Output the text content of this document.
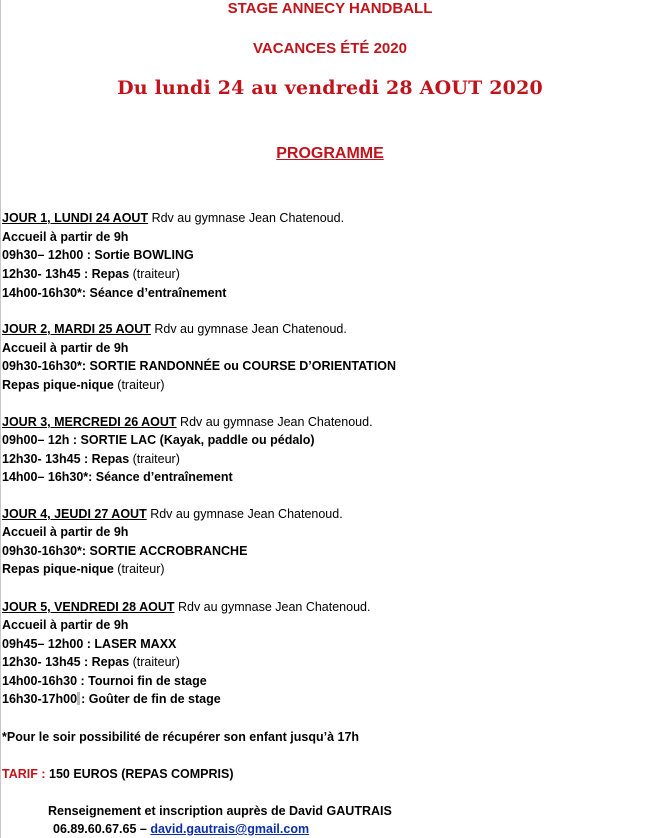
STAGE ANNECY HANDBALL
VACANCES ÉTÉ 2020
Du lundi 24 au vendredi 28 AOUT 2020
PROGRAMME
JOUR 1, LUNDI 24 AOUT Rdv au gymnase Jean Chatenoud.
Accueil à partir de 9h
09h30– 12h00 : Sortie BOWLING
12h30- 13h45 : Repas (traiteur)
14h00-16h30*: Séance d’entraînement
JOUR 2, MARDI 25 AOUT Rdv au gymnase Jean Chatenoud.
Accueil à partir de 9h
09h30-16h30*: SORTIE RANDONNÉE ou COURSE D’ORIENTATION
Repas pique-nique (traiteur)
JOUR 3, MERCREDI 26 AOUT Rdv au gymnase Jean Chatenoud.
09h00– 12h : SORTIE LAC (Kayak, paddle ou pédalo)
12h30- 13h45 : Repas (traiteur)
14h00– 16h30*: Séance d’entraînement
JOUR 4, JEUDI 27 AOUT Rdv au gymnase Jean Chatenoud.
Accueil à partir de 9h
09h30-16h30*: SORTIE ACCROBRANCHE
Repas pique-nique (traiteur)
JOUR 5, VENDREDI 28 AOUT Rdv au gymnase Jean Chatenoud.
Accueil à partir de 9h
09h45– 12h00 : LASER MAXX
12h30- 13h45 : Repas (traiteur)
14h00-16h30 : Tournoi fin de stage
16h30-17h00 : Goûter de fin de stage
*Pour le soir possibilité de récupérer son enfant jusqu’à 17h
TARIF : 150 EUROS (REPAS COMPRIS)
Renseignement et inscription auprès de David GAUTRAIS
06.89.60.67.65 – david.gautrais@gmail.com
